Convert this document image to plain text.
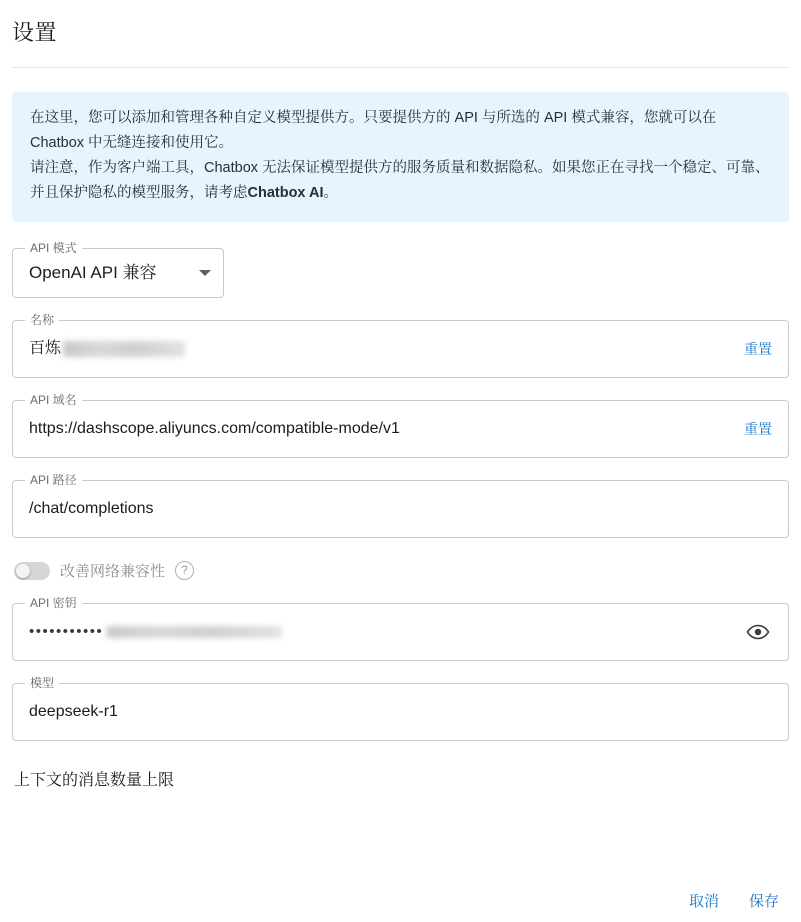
设置

在这里，您可以添加和管理各种自定义模型提供方。只要提供方的 API 与所选的 API 模式兼容，您就可以在 Chatbox 中无缝连接和使用它。

请注意，作为客户端工具，Chatbox 无法保证模型提供方的服务质量和数据隐私。如果您正在寻找一个稳定、可靠、并且保护隐私的模型服务，请考虑Chatbox AI。

API 模式
OpenAI API 兼容
名称
百炼	重置
API 域名
https://dashscope.aliyuncs.com/compatible-mode/v1	重置
API 路径
/chat/completions
改善网络兼容性	?
API 密钥
•••••••••••
模型
deepseek-r1
上下文的消息数量上限
取消 保存
